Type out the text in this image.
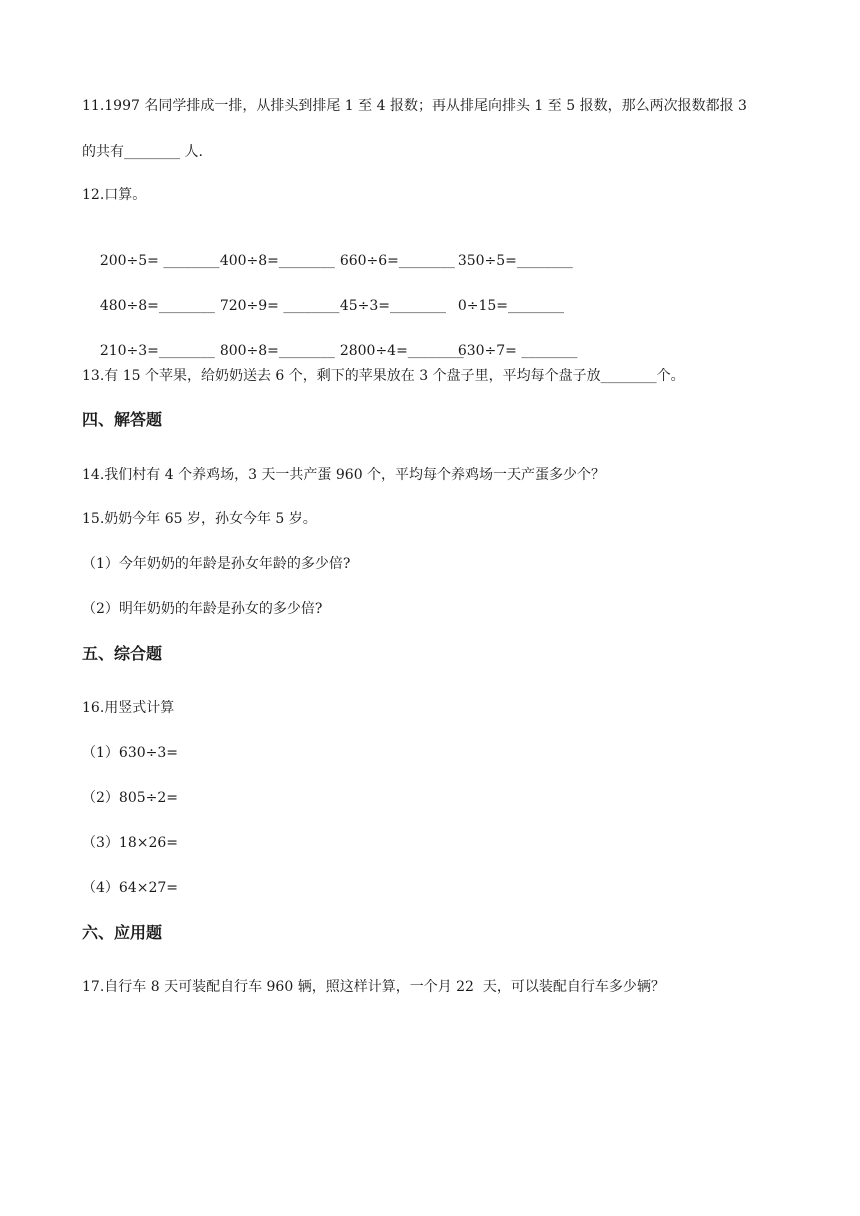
11.1997 名同学排成一排，从排头到排尾 1 至 4 报数；再从排尾向排头 1 至 5 报数，那么两次报数都报 3
的共有________ 人.
12.口算。

200÷5= ________400÷8=________ 660÷6=________ 350÷5=________

480÷8=________ 720÷9= ________45÷3=________ 0÷15=________

210÷3=________ 800÷8=________ 2800÷4=________630÷7= ________

13.有 15 个苹果，给奶奶送去 6 个，剩下的苹果放在 3 个盘子里，平均每个盘子放________个。
四、解答题
14.我们村有 4 个养鸡场，3 天一共产蛋 960 个，平均每个养鸡场一天产蛋多少个？
15.奶奶今年 65 岁，孙女今年 5 岁。
（1）今年奶奶的年龄是孙女年龄的多少倍?
（2）明年奶奶的年龄是孙女的多少倍?
五、综合题
16.用竖式计算
（1）630÷3=
（2）805÷2=
（3）18×26=
（4）64×27=
六、应用题
17.自行车 8 天可装配自行车 960 辆，照这样计算，一个月 22  天，可以装配自行车多少辆？
